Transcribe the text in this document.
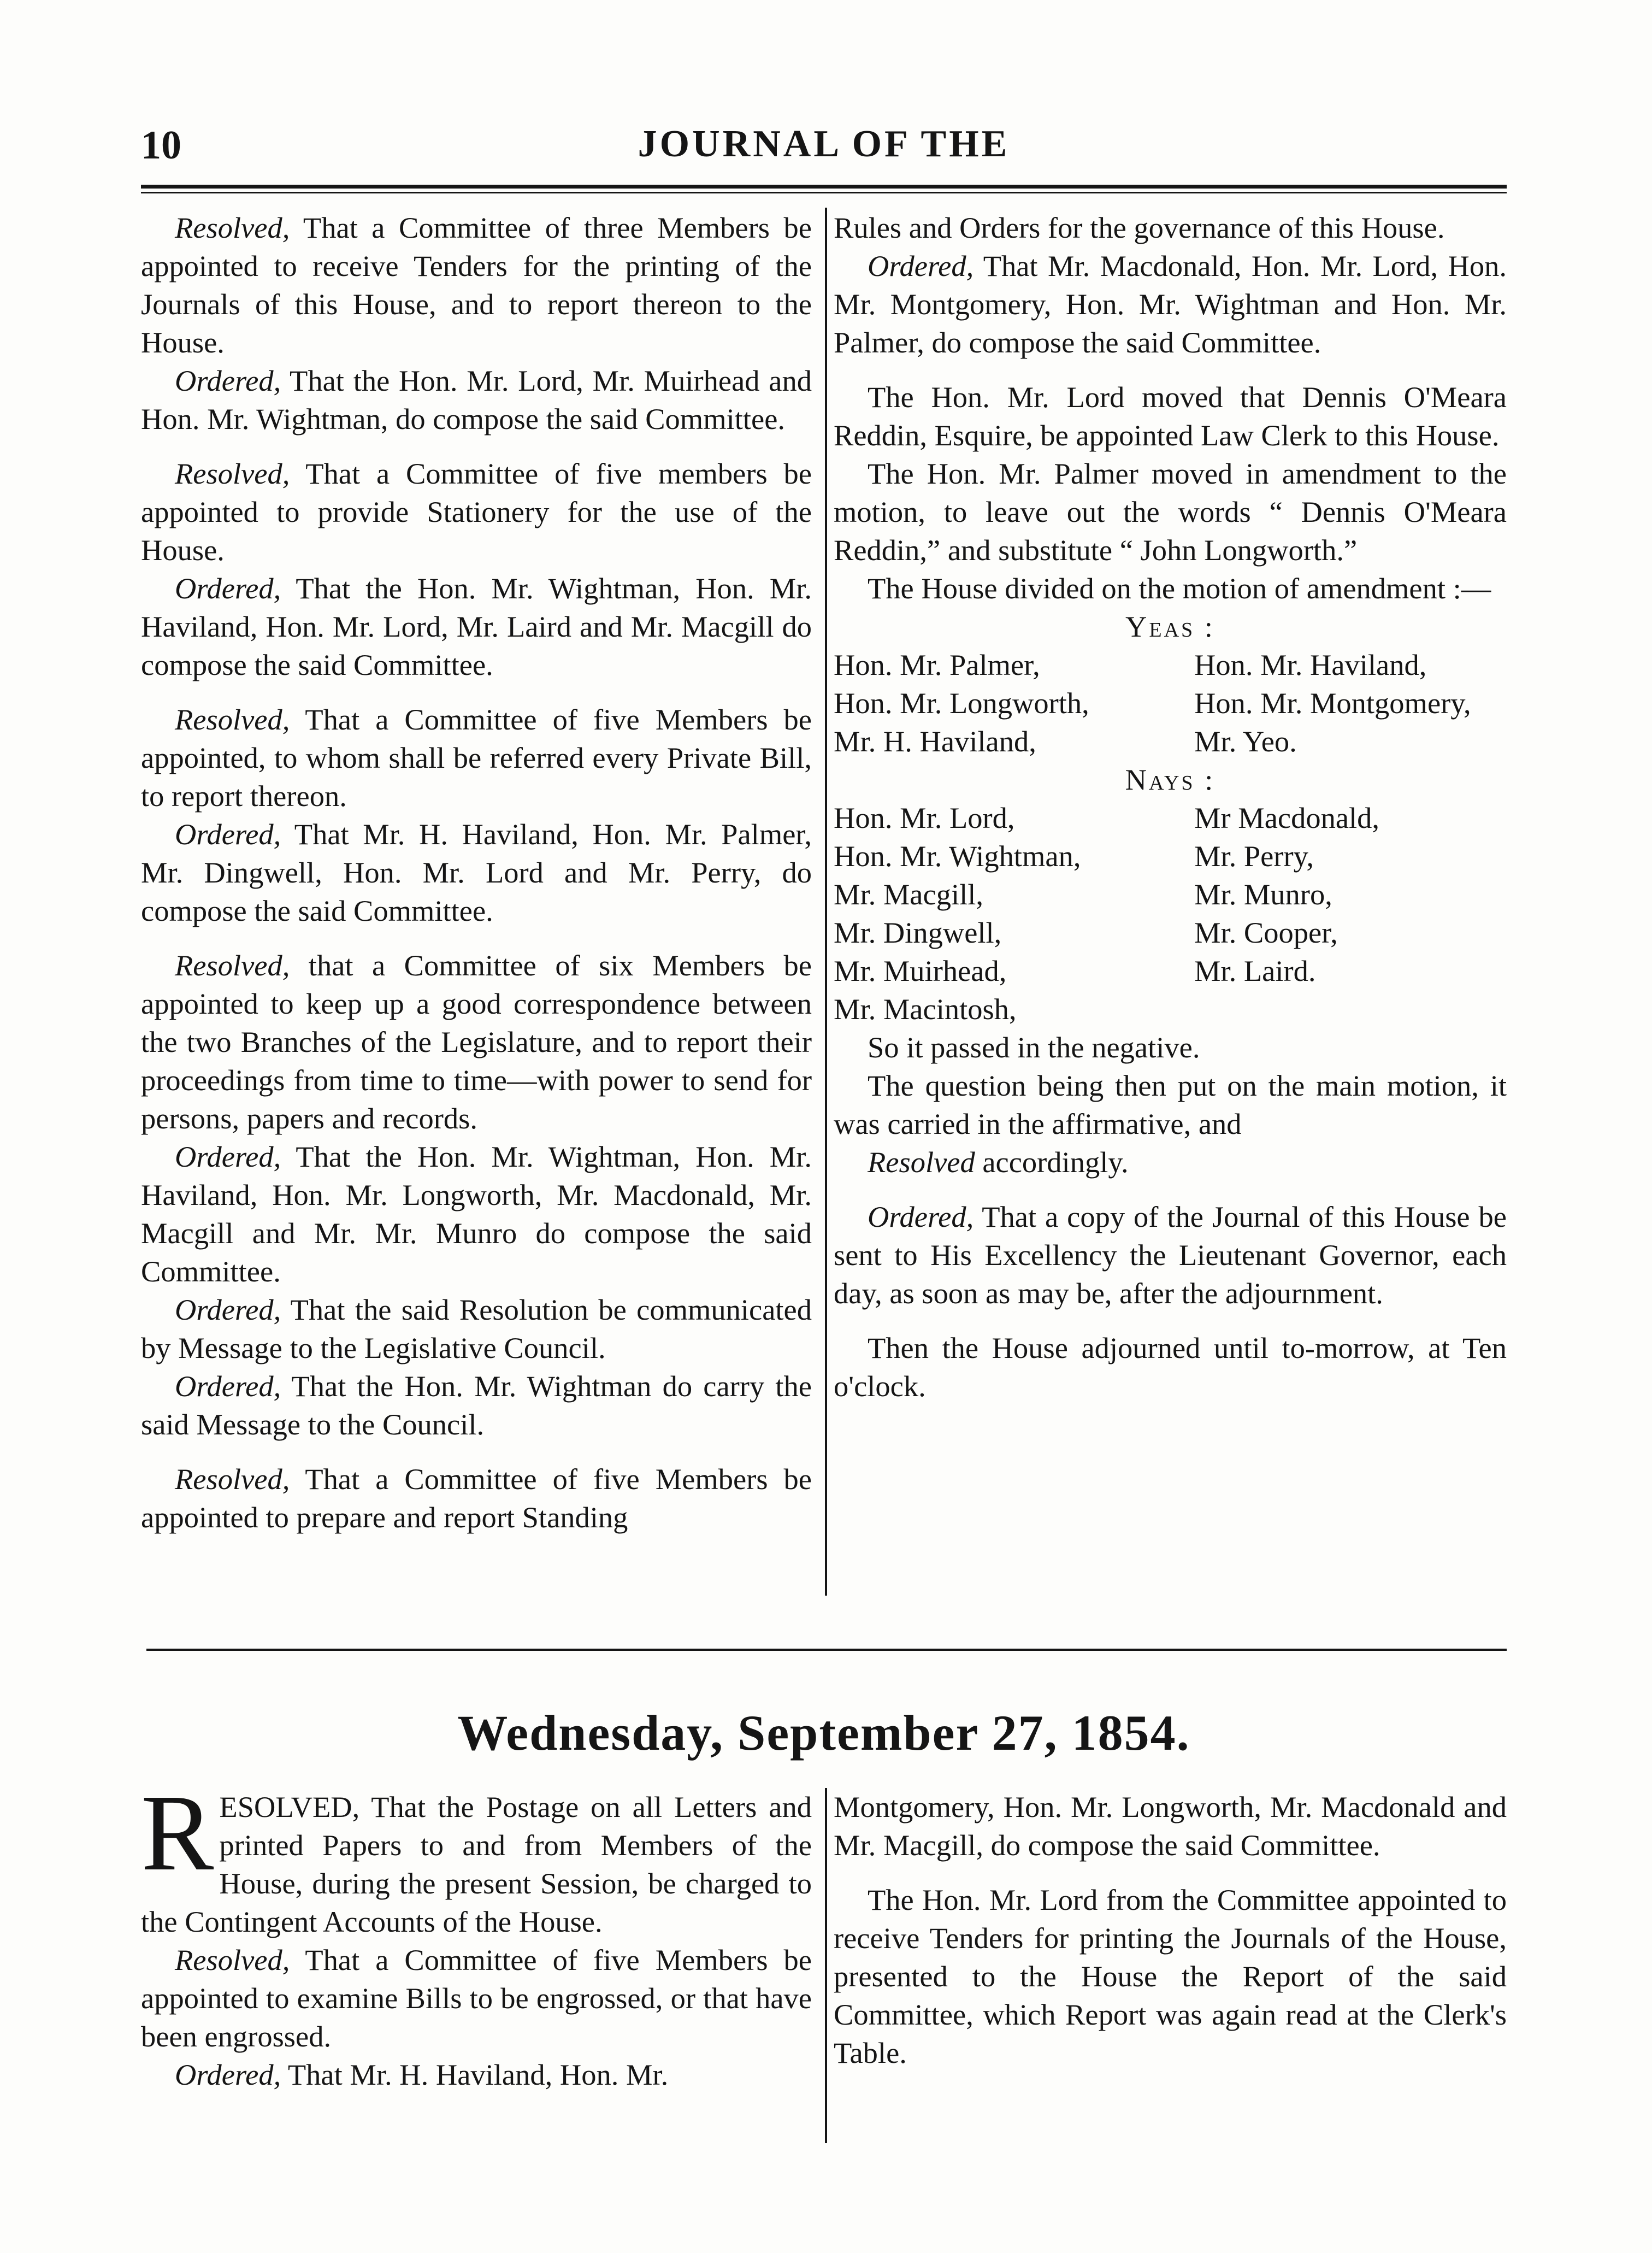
10	JOURNAL OF THE

Resolved, That a Committee of three Members be appointed to receive Tenders for the printing of the Journals of this House, and to report thereon to the House.

Ordered, That the Hon. Mr. Lord, Mr. Muirhead and Hon. Mr. Wightman, do compose the said Committee.

Resolved, That a Committee of five members be appointed to provide Stationery for the use of the House.

Ordered, That the Hon. Mr. Wightman, Hon. Mr. Haviland, Hon. Mr. Lord, Mr. Laird and Mr. Macgill do compose the said Committee.

Resolved, That a Committee of five Members be appointed, to whom shall be referred every Private Bill, to report thereon.

Ordered, That Mr. H. Haviland, Hon. Mr. Palmer, Mr. Dingwell, Hon. Mr. Lord and Mr. Perry, do compose the said Committee.

Resolved, that a Committee of six Members be appointed to keep up a good correspondence between the two Branches of the Legislature, and to report their proceedings from time to time—with power to send for persons, papers and records.

Ordered, That the Hon. Mr. Wightman, Hon. Mr. Haviland, Hon. Mr. Longworth, Mr. Macdonald, Mr. Macgill and Mr. Mr. Munro do compose the said Committee.

Ordered, That the said Resolution be communicated by Message to the Legislative Council.

Ordered, That the Hon. Mr. Wightman do carry the said Message to the Council.

Resolved, That a Committee of five Members be appointed to prepare and report Standing

Rules and Orders for the governance of this House.

Ordered, That Mr. Macdonald, Hon. Mr. Lord, Hon. Mr. Montgomery, Hon. Mr. Wightman and Hon. Mr. Palmer, do compose the said Committee.

The Hon. Mr. Lord moved that Dennis O'Meara Reddin, Esquire, be appointed Law Clerk to this House.

The Hon. Mr. Palmer moved in amendment to the motion, to leave out the words “ Dennis O'Meara Reddin,” and substitute “ John Longworth.”

The House divided on the motion of amendment :—

Yeas :
Hon. Mr. Palmer,	Hon. Mr. Haviland,
Hon. Mr. Longworth,	Hon. Mr. Montgomery,
Mr. H. Haviland,	Mr. Yeo.
Nays :
Hon. Mr. Lord,	Mr Macdonald,
Hon. Mr. Wightman,	Mr. Perry,
Mr. Macgill,	Mr. Munro,
Mr. Dingwell,	Mr. Cooper,
Mr. Muirhead,	Mr. Laird.
Mr. Macintosh,

So it passed in the negative.

The question being then put on the main motion, it was carried in the affirmative, and

Resolved accordingly.

Ordered, That a copy of the Journal of this House be sent to His Excellency the Lieutenant Governor, each day, as soon as may be, after the adjournment.

Then the House adjourned until to-morrow, at Ten o'clock.

Wednesday, September 27, 1854.

RESOLVED, That the Postage on all Letters and printed Papers to and from Members of the House, during the present Session, be charged to the Contingent Accounts of the House.

Resolved, That a Committee of five Members be appointed to examine Bills to be engrossed, or that have been engrossed.

Ordered, That Mr. H. Haviland, Hon. Mr.

Montgomery, Hon. Mr. Longworth, Mr. Macdonald and Mr. Macgill, do compose the said Committee.

The Hon. Mr. Lord from the Committee appointed to receive Tenders for printing the Journals of the House, presented to the House the Report of the said Committee, which Report was again read at the Clerk's Table.
